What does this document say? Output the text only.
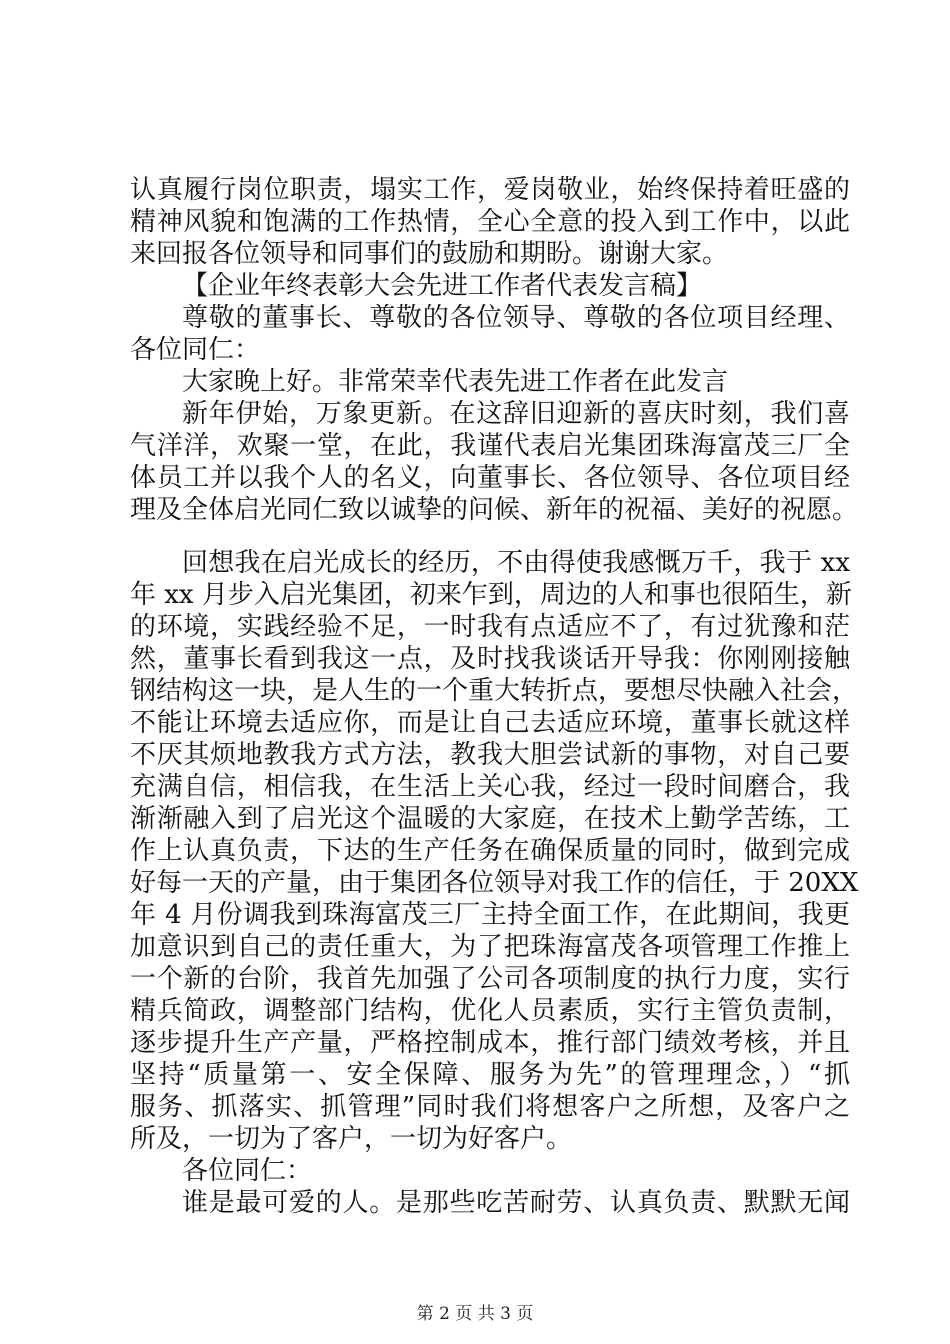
认真履行岗位职责，塌实工作，爱岗敬业，始终保持着旺盛的
精神风貌和饱满的工作热情，全心全意的投入到工作中，以此
来回报各位领导和同事们的鼓励和期盼。谢谢大家。
【企业年终表彰大会先进工作者代表发言稿】
尊敬的董事长、尊敬的各位领导、尊敬的各位项目经理、
各位同仁：
大家晚上好。非常荣幸代表先进工作者在此发言
新年伊始，万象更新。在这辞旧迎新的喜庆时刻，我们喜
气洋洋，欢聚一堂，在此，我谨代表启光集团珠海富茂三厂全
体员工并以我个人的名义，向董事长、各位领导、各位项目经
理及全体启光同仁致以诚挚的问候、新年的祝福、美好的祝愿。
回想我在启光成长的经历，不由得使我感慨万千，我于 xx
年 xx 月步入启光集团，初来乍到，周边的人和事也很陌生，新
的环境，实践经验不足，一时我有点适应不了，有过犹豫和茫
然，董事长看到我这一点，及时找我谈话开导我：你刚刚接触
钢结构这一块，是人生的一个重大转折点，要想尽快融入社会，
不能让环境去适应你，而是让自己去适应环境，董事长就这样
不厌其烦地教我方式方法，教我大胆尝试新的事物，对自己要
充满自信，相信我，在生活上关心我，经过一段时间磨合，我
渐渐融入到了启光这个温暖的大家庭，在技术上勤学苦练，工
作上认真负责，下达的生产任务在确保质量的同时，做到完成
好每一天的产量，由于集团各位领导对我工作的信任，于 20XX
年 4 月份调我到珠海富茂三厂主持全面工作，在此期间，我更
加意识到自己的责任重大，为了把珠海富茂各项管理工作推上
一个新的台阶，我首先加强了公司各项制度的执行力度，实行
精兵简政，调整部门结构，优化人员素质，实行主管负责制，
逐步提升生产产量，严格控制成本，推行部门绩效考核，并且
坚持“质量第一、安全保障、服务为先”的管理理念，）“抓
服务、抓落实、抓管理”同时我们将想客户之所想，及客户之
所及，一切为了客户，一切为好客户。
各位同仁：
谁是最可爱的人。是那些吃苦耐劳、认真负责、默默无闻
第 2 页 共 3 页
